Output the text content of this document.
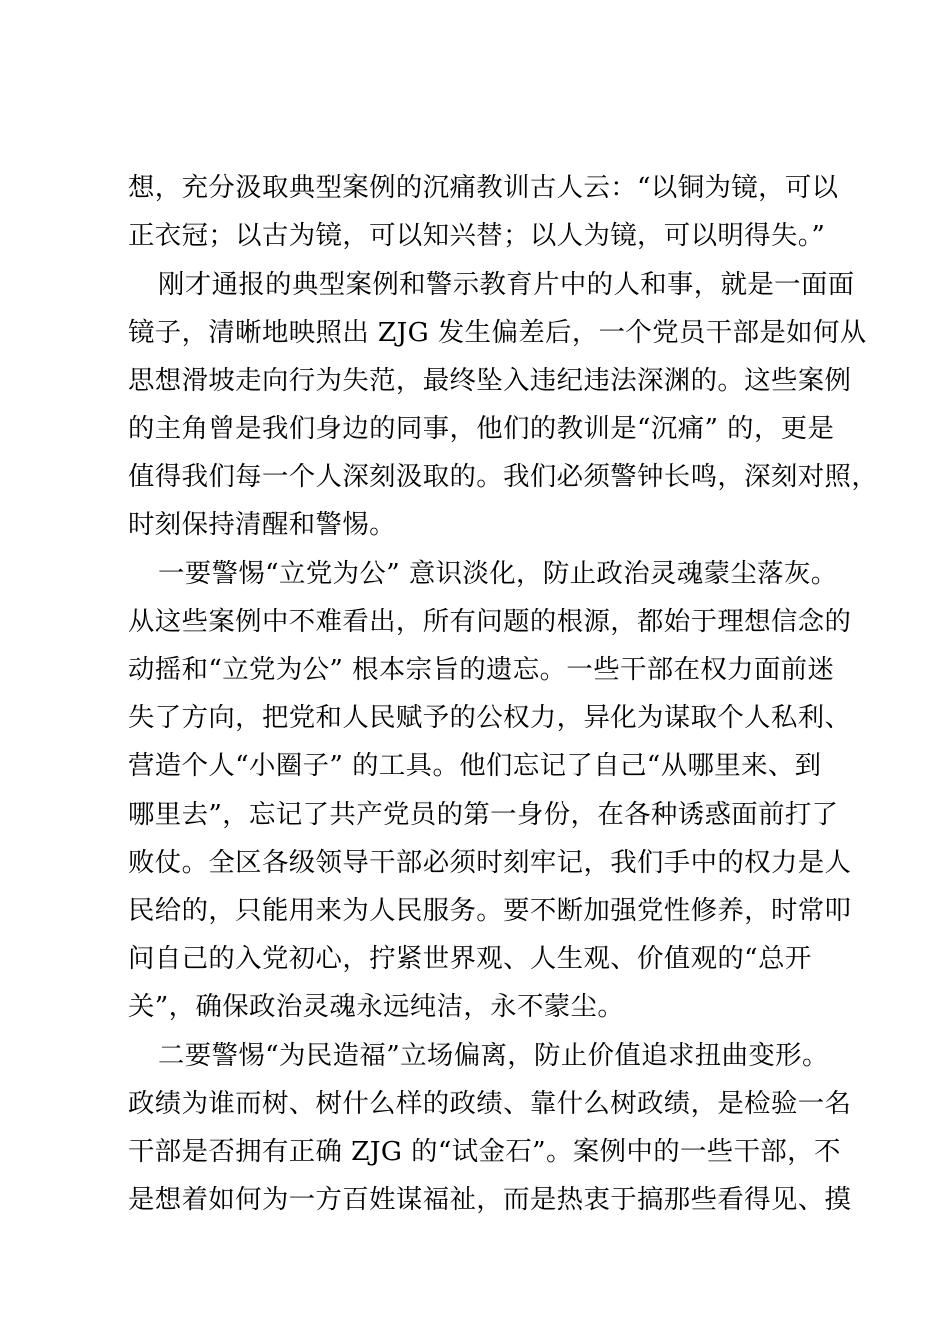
想，充分汲取典型案例的沉痛教训古人云：“以铜为镜，可以
正衣冠；以古为镜，可以知兴替；以人为镜，可以明得失。”
刚才通报的典型案例和警示教育片中的人和事，就是一面面
镜子，清晰地映照出 ZJG 发生偏差后，一个党员干部是如何从
思想滑坡走向行为失范，最终坠入违纪违法深渊的。这些案例
的主角曾是我们身边的同事，他们的教训是“沉痛” 的，更是
值得我们每一个人深刻汲取的。我们必须警钟长鸣，深刻对照，
时刻保持清醒和警惕。
一要警惕“立党为公” 意识淡化，防止政治灵魂蒙尘落灰。
从这些案例中不难看出，所有问题的根源，都始于理想信念的
动摇和“立党为公” 根本宗旨的遗忘。一些干部在权力面前迷
失了方向，把党和人民赋予的公权力，异化为谋取个人私利、
营造个人“小圈子” 的工具。他们忘记了自己“从哪里来、到
哪里去”，忘记了共产党员的第一身份，在各种诱惑面前打了
败仗。全区各级领导干部必须时刻牢记，我们手中的权力是人
民给的，只能用来为人民服务。要不断加强党性修养，时常叩
问自己的入党初心，拧紧世界观、人生观、价值观的“总开
关”，确保政治灵魂永远纯洁，永不蒙尘。
二要警惕“为民造福”立场偏离，防止价值追求扭曲变形。
政绩为谁而树、树什么样的政绩、靠什么树政绩，是检验一名
干部是否拥有正确 ZJG 的“试金石”。案例中的一些干部，不
是想着如何为一方百姓谋福祉，而是热衷于搞那些看得见、摸
